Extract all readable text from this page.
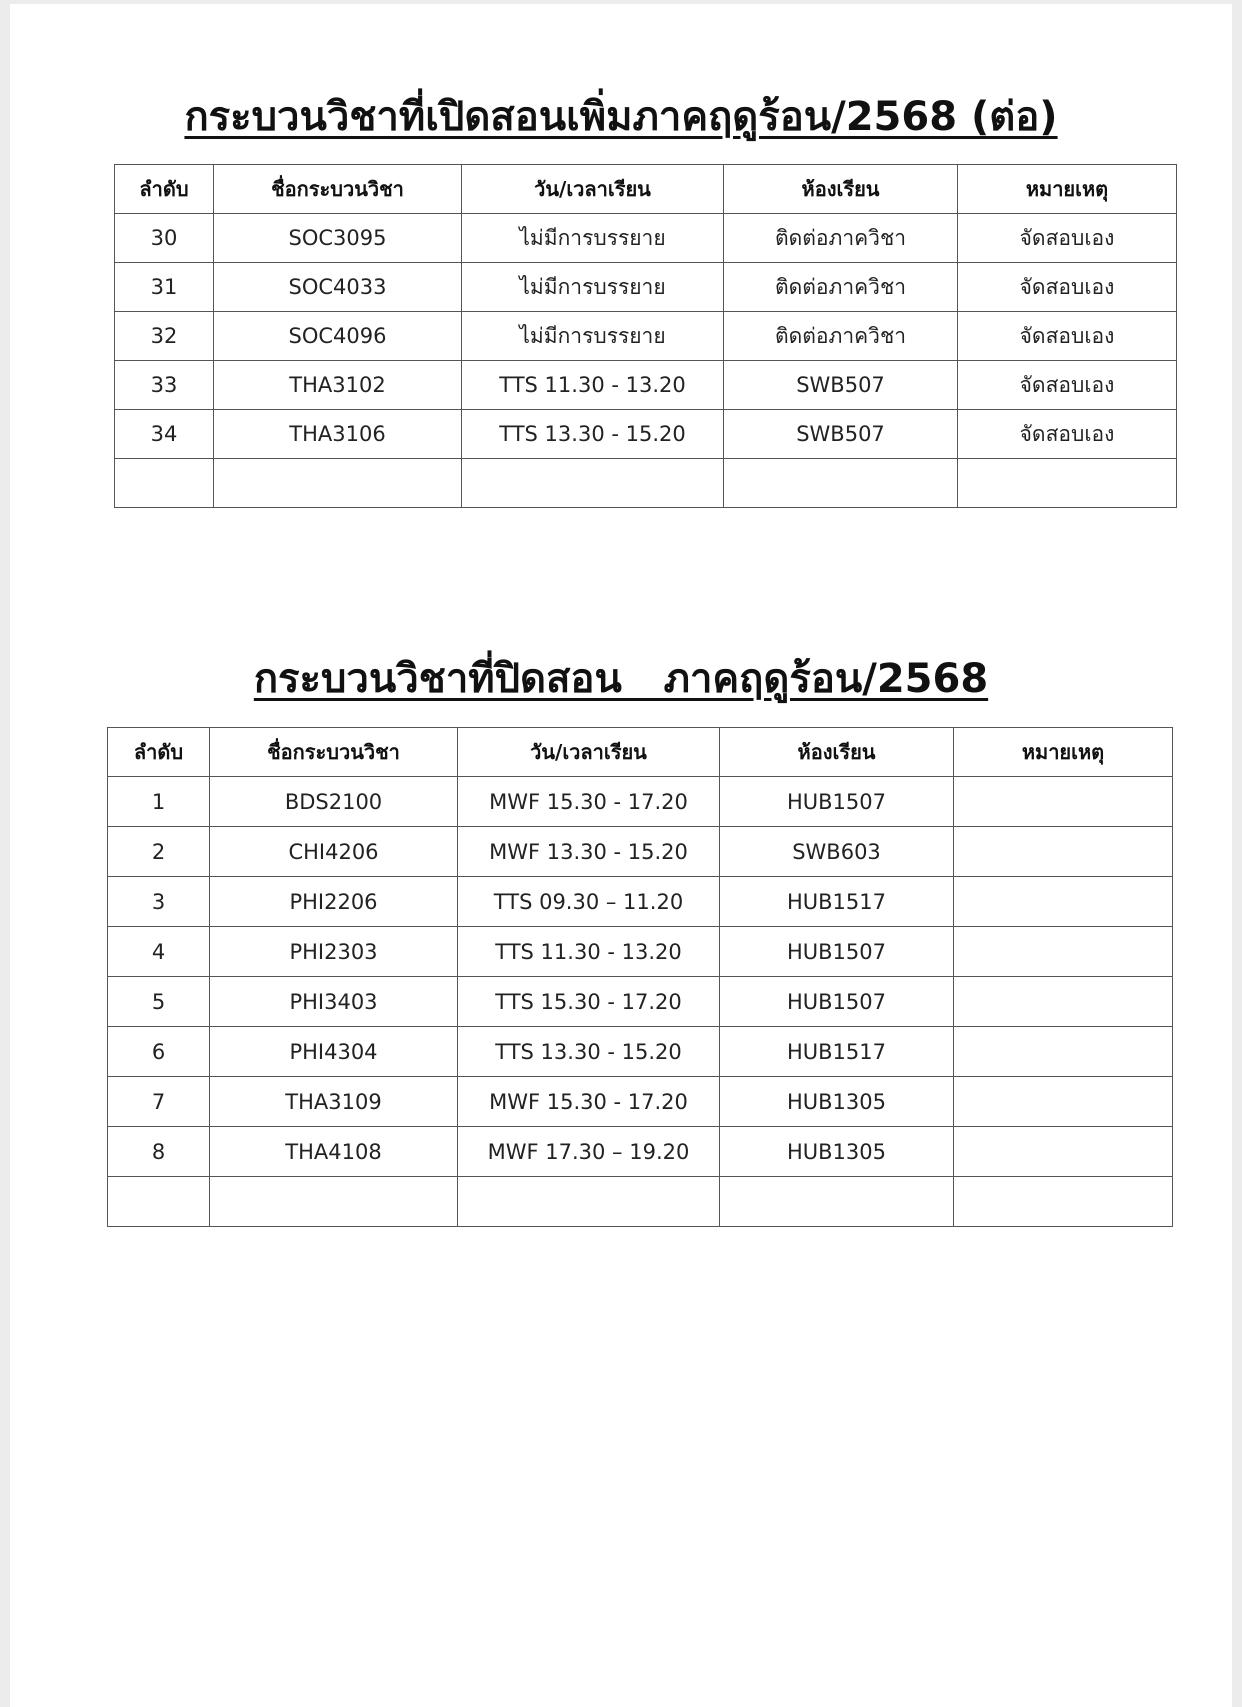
กระบวนวิชาที่เปิดสอนเพิ่มภาคฤดูร้อน/2568 (ต่อ)
ลำดับ	ชื่อกระบวนวิชา	วัน/เวลาเรียน	ห้องเรียน	หมายเหตุ
30	SOC3095	ไม่มีการบรรยาย	ติดต่อภาควิชา	จัดสอบเอง
31	SOC4033	ไม่มีการบรรยาย	ติดต่อภาควิชา	จัดสอบเอง
32	SOC4096	ไม่มีการบรรยาย	ติดต่อภาควิชา	จัดสอบเอง
33	THA3102	TTS 11.30 - 13.20	SWB507	จัดสอบเอง
34	THA3106	TTS 13.30 - 15.20	SWB507	จัดสอบเอง

กระบวนวิชาที่ปิดสอน   ภาคฤดูร้อน/2568
ลำดับ	ชื่อกระบวนวิชา	วัน/เวลาเรียน	ห้องเรียน	หมายเหตุ
1	BDS2100	MWF 15.30 - 17.20	HUB1507	
2	CHI4206	MWF 13.30 - 15.20	SWB603	
3	PHI2206	TTS 09.30 – 11.20	HUB1517	
4	PHI2303	TTS 11.30 - 13.20	HUB1507	
5	PHI3403	TTS 15.30 - 17.20	HUB1507	
6	PHI4304	TTS 13.30 - 15.20	HUB1517	
7	THA3109	MWF 15.30 - 17.20	HUB1305	
8	THA4108	MWF 17.30 – 19.20	HUB1305	
